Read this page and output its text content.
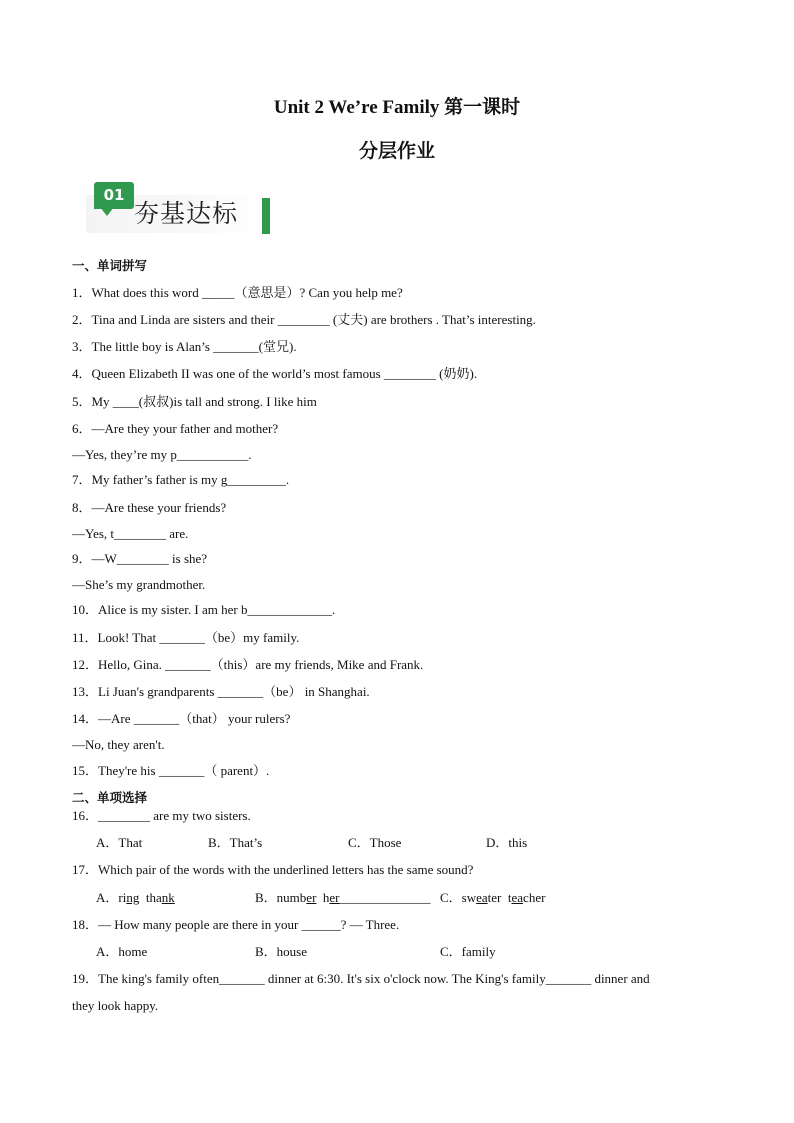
Unit 2 We’re Family 第一课时
分层作业
01
夯基达标
一、单词拼写
1．What does this word _____（意思是）? Can you help me?
2．Tina and Linda are sisters and their ________ (丈夫) are brothers . That’s interesting.
3．The little boy is Alan’s _______(堂兄).
4．Queen Elizabeth II was one of the world’s most famous ________ (奶奶).
5．My ____(叔叔)is tall and strong. I like him
6．—Are they your father and mother?
—Yes, they’re my p___________.
7．My father’s father is my g_________.
8．—Are these your friends?
—Yes, t________ are.
9．—W________ is she?
—She’s my grandmother.
10．Alice is my sister. I am her b_____________.
11．Look! That _______（be）my family.
12．Hello, Gina. _______（this）are my friends, Mike and Frank.
13．Li Juan's grandparents _______（be） in Shanghai.
14．—Are _______（that） your rulers?
—No, they aren't.
15．They're his _______（ parent）.
二、单项选择
16．________ are my two sisters.
A．That	B．That’s	C．Those	D．this
17．Which pair of the words with the underlined letters has the same sound?
A．ring  thank	B．number  her______________ C．sweater  teacher
18．— How many people are there in your ______? — Three.
A．home	B．house	C．family
19．The king's family often_______ dinner at 6:30. It's six o'clock now. The King's family_______ dinner and
they look happy.
